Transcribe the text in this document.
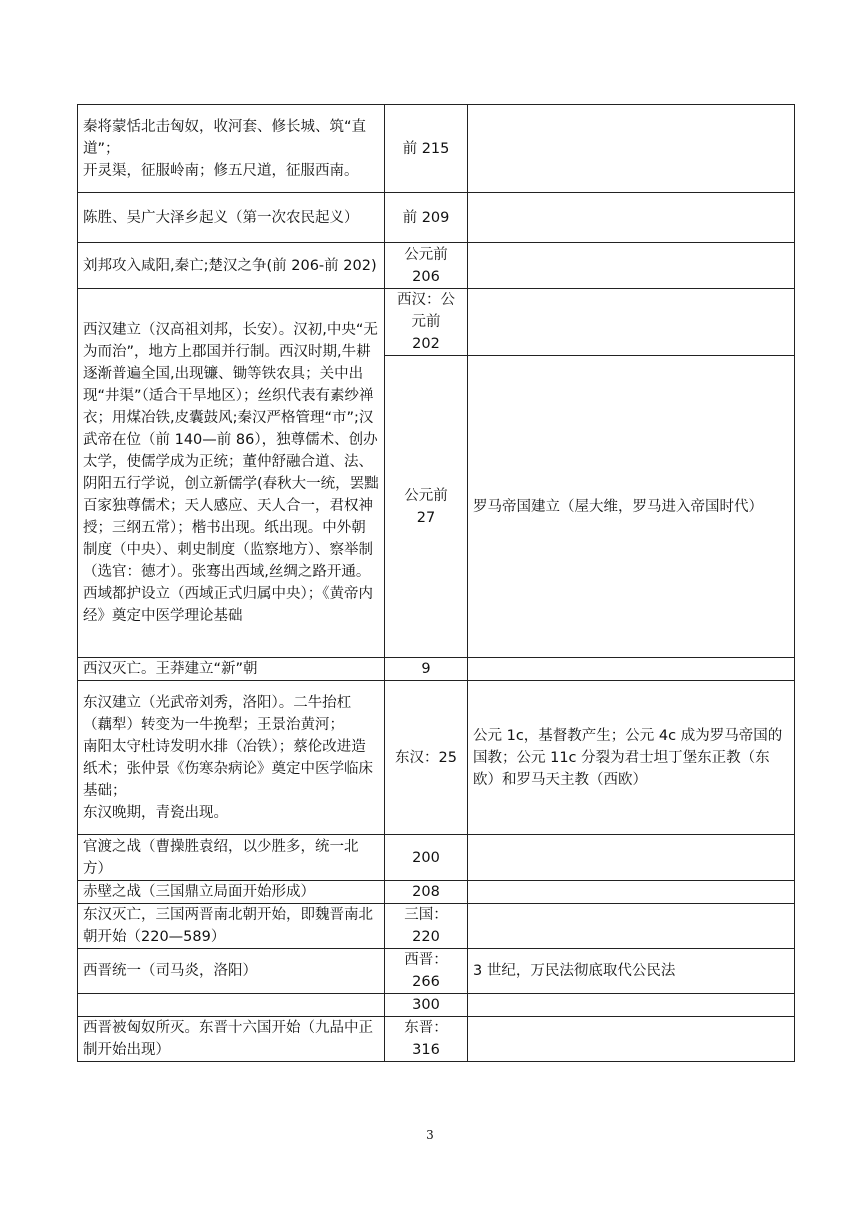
秦将蒙恬北击匈奴，收河套、修长城、筑“直道”；
开灵渠，征服岭南；修五尺道，征服西南。	前 215	
陈胜、吴广大泽乡起义（第一次农民起义）	前 209	
刘邦攻入咸阳,秦亡;楚汉之争(前 206-前 202)	公元前
206	
西汉建立（汉高祖刘邦，长安）。汉初,中央“无为而治”，地方上郡国并行制。西汉时期,牛耕逐渐普遍全国,出现镰、锄等铁农具；关中出现“井渠”（适合干旱地区）；丝织代表有素纱禅衣；用煤冶铁,皮囊鼓风;秦汉严格管理“市”;汉武帝在位（前 140—前 86），独尊儒术、创办太学，使儒学成为正统；董仲舒融合道、法、阴阳五行学说，创立新儒学(春秋大一统，罢黜百家独尊儒术；天人感应、天人合一，君权神授；三纲五常）；楷书出现。纸出现。中外朝制度（中央）、刺史制度（监察地方）、察举制（选官：德才）。张骞出西域,丝绸之路开通。西域都护设立（西域正式归属中央）；《黄帝内经》奠定中医学理论基础	西汉：公元前
202	
	公元前
27	罗马帝国建立（屋大维，罗马进入帝国时代）
西汉灭亡。王莽建立“新”朝	9	
东汉建立（光武帝刘秀，洛阳）。二牛抬杠（藕犁）转变为一牛挽犁；王景治黄河；
南阳太守杜诗发明水排（冶铁）；蔡伦改进造纸术；张仲景《伤寒杂病论》奠定中医学临床基础；
东汉晚期，青瓷出现。	东汉：25	公元 1c，基督教产生；公元 4c 成为罗马帝国的国教；公元 11c 分裂为君士坦丁堡东正教（东欧）和罗马天主教（西欧）
官渡之战（曹操胜袁绍，以少胜多，统一北方）	200	
赤壁之战（三国鼎立局面开始形成）	208	
东汉灭亡，三国两晋南北朝开始，即魏晋南北朝开始（220—589）	三国：
220	
西晋统一（司马炎，洛阳）	西晋：
266	3 世纪，万民法彻底取代公民法
	300	
西晋被匈奴所灭。东晋十六国开始（九品中正制开始出现）	东晋：
316	
3
